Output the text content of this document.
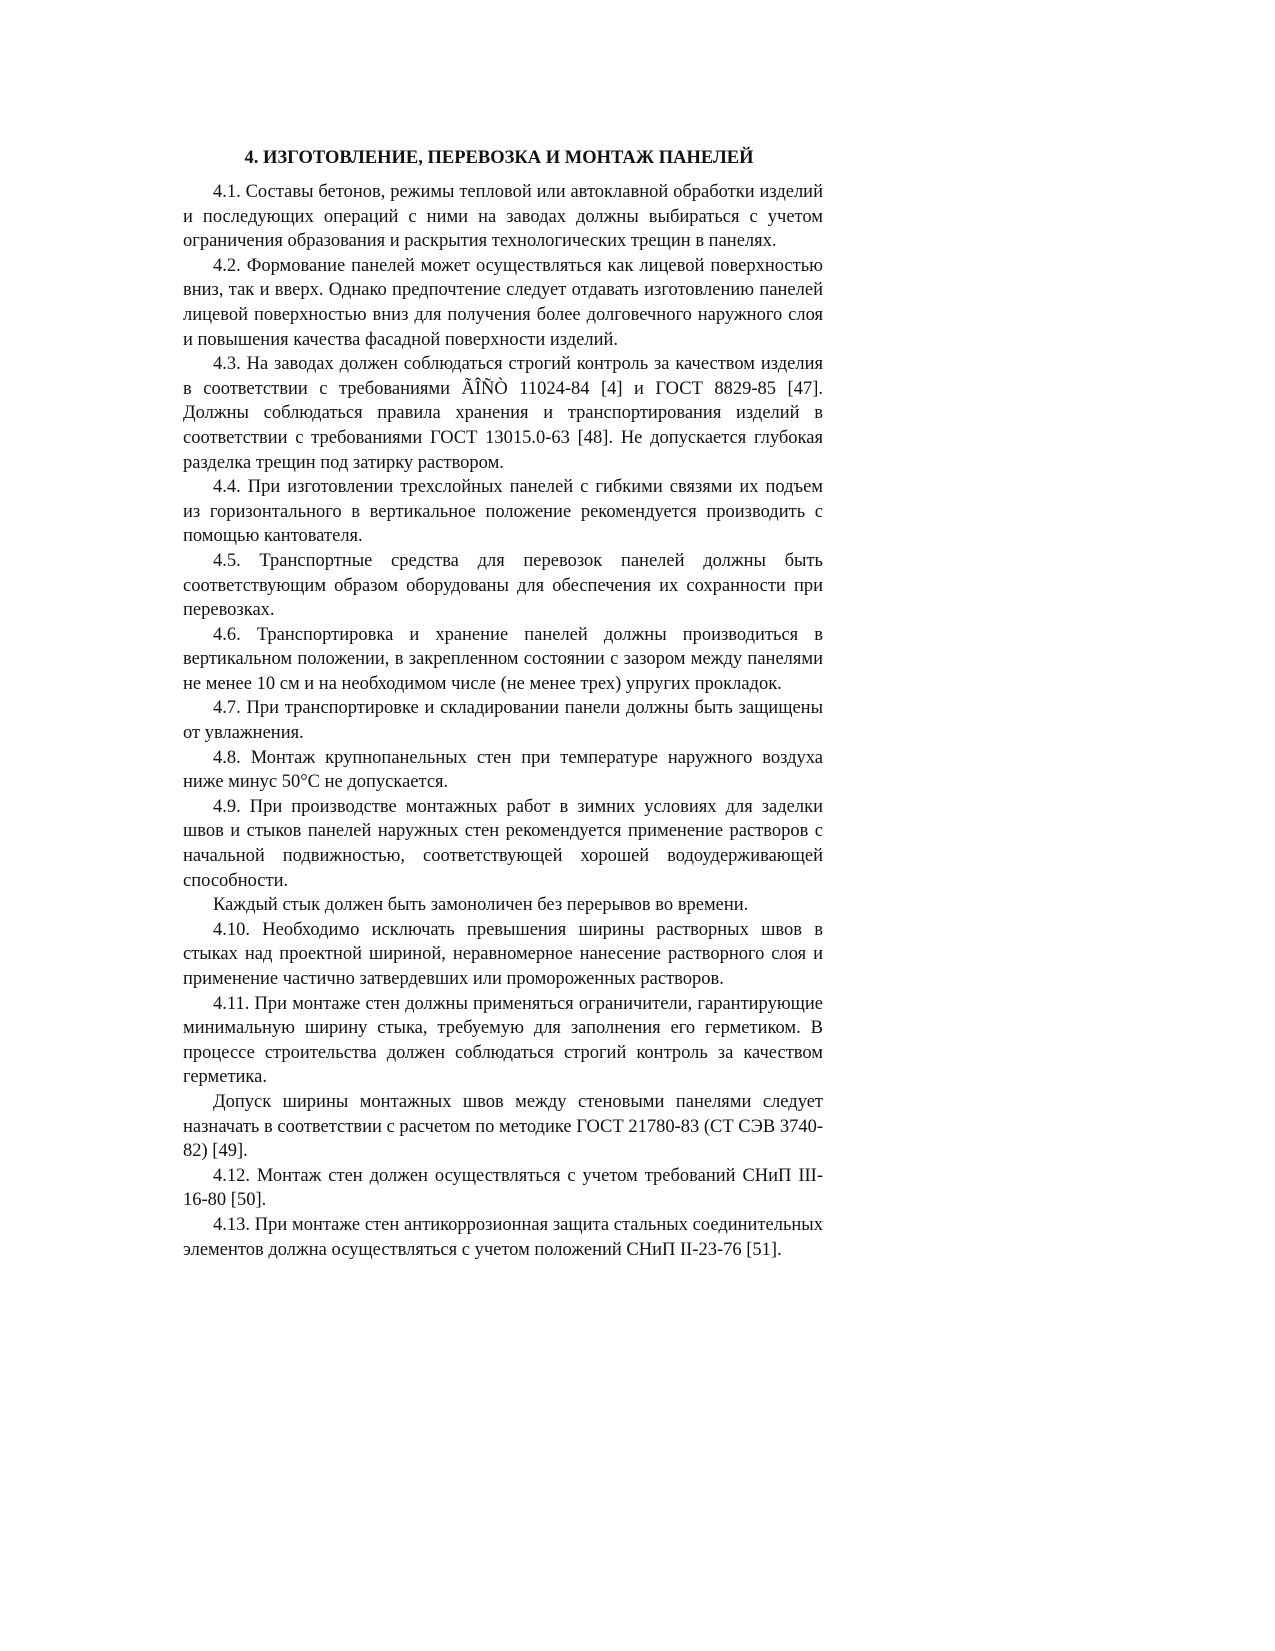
4. ИЗГОТОВЛЕНИЕ, ПЕРЕВОЗКА И МОНТАЖ ПАНЕЛЕЙ

4.1. Составы бетонов, режимы тепловой или автоклавной обработки изделий и последующих операций с ними на заводах должны выбираться с учетом ограничения образования и раскрытия технологических трещин в панелях.

4.2. Формование панелей может осуществляться как лицевой поверхностью вниз, так и вверх. Однако предпочтение следует отдавать изготовлению панелей лицевой поверхностью вниз для получения более долговечного наружного слоя и повышения качества фасадной поверхности изделий.

4.3. На заводах должен соблюдаться строгий контроль за качеством изделия в соответствии с требованиями ÃÎÑÒ 11024-84 [4] и ГОСТ 8829-85 [47]. Должны соблюдаться правила хранения и транспортирования изделий в соответствии с требованиями ГОСТ 13015.0-63 [48]. Не допускается глубокая разделка трещин под затирку раствором.

4.4. При изготовлении трехслойных панелей с гибкими связями их подъем из горизонтального в вертикальное положение рекомендуется производить с помощью кантователя.

4.5. Транспортные средства для перевозок панелей должны быть соответствующим образом оборудованы для обеспечения их сохранности при перевозках.

4.6. Транспортировка и хранение панелей должны производиться в вертикальном положении, в закрепленном состоянии с зазором между панелями не менее 10 см и на необходимом числе (не менее трех) упругих прокладок.

4.7. При транспортировке и складировании панели должны быть защищены от увлажнения.

4.8. Монтаж крупнопанельных стен при температуре наружного воздуха ниже минус 50°С не допускается.

4.9. При производстве монтажных работ в зимних условиях для заделки швов и стыков панелей наружных стен рекомендуется применение растворов с начальной подвижностью, соответствующей хорошей водоудерживающей способности.

Каждый стык должен быть замоноличен без перерывов во времени.

4.10. Необходимо исключать превышения ширины растворных швов в стыках над проектной шириной, неравномерное нанесение растворного слоя и применение частично затвердевших или промороженных растворов.

4.11. При монтаже стен должны применяться ограничители, гарантирующие минимальную ширину стыка, требуемую для заполнения его герметиком. В процессе строительства должен соблюдаться строгий контроль за качеством герметика.

Допуск ширины монтажных швов между стеновыми панелями следует назначать в соответствии с расчетом по методике ГОСТ 21780-83 (СТ СЭВ 3740-82) [49].

4.12. Монтаж стен должен осуществляться с учетом требований СНиП III-16-80 [50].

4.13. При монтаже стен антикоррозионная защита стальных соединительных элементов должна осуществляться с учетом положений СНиП II-23-76 [51].
